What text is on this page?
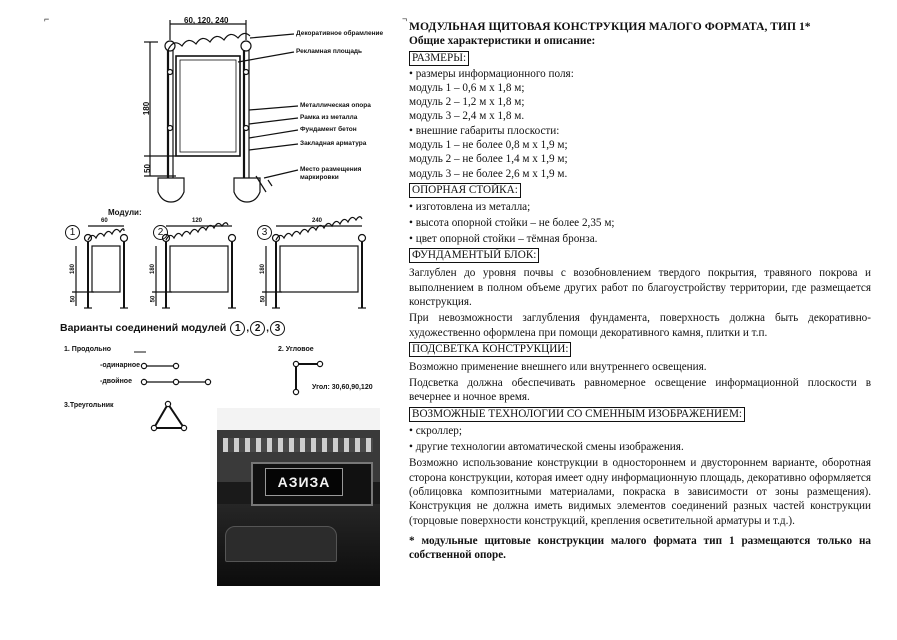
⌐	¬
60, 120, 240
180
50
Декоративное обрамление
Рекламная площадь
Металлическая опора
Рамка из металла
Фундамент бетон
Закладная арматура
Место размещения маркировки
Модули:
1	2	3
60	120	240
180	180	180
50	50	50
Варианты соединений модулей 1 , 2 , 3
1. Продольно
-одинарное
-двойное
2. Угловое
Угол: 30,60,90,120
3.Треугольник
АЗИЗА

МОДУЛЬНАЯ ЩИТОВАЯ КОНСТРУКЦИЯ МАЛОГО ФОРМАТА, ТИП 1*

Общие характеристики и описание:

РАЗМЕРЫ:

• размеры информационного поля:

модуль 1 – 0,6 м х 1,8 м;

модуль 2 – 1,2 м х 1,8 м;

модуль 3 – 2,4 м х 1,8 м.

• внешние габариты плоскости:

модуль 1 – не более 0,8 м х 1,9 м;

модуль 2 – не более 1,4 м х 1,9 м;

модуль 3 – не более 2,6 м х 1,9 м.

ОПОРНАЯ СТОЙКА:

• изготовлена из металла;

• высота опорной стойки – не более 2,35 м;

• цвет опорной стойки – тёмная бронза.

ФУНДАМЕНТЫЙ БЛОК:

Заглублен до уровня почвы с возобновлением твердого покрытия, травяного покрова и выполнением в полном объеме других работ по благоустройству территории, где размещается конструкция.

При невозможности заглубления фундамента, поверхность должна быть декоративно-художественно оформлена при помощи декоративного камня, плитки и т.п.

ПОДСВЕТКА КОНСТРУКЦИИ:

Возможно применение внешнего или внутреннего освещения.

Подсветка должна обеспечивать равномерное освещение информационной плоскости в вечернее и ночное время.

ВОЗМОЖНЫЕ ТЕХНОЛОГИИ СО СМЕННЫМ ИЗОБРАЖЕНИЕМ:

• скроллер;

• другие технологии автоматической смены изображения.

Возможно использование конструкции в одностороннем и двустороннем варианте, оборотная сторона конструкции, которая имеет одну информационную площадь, декоративно оформляется (облицовка композитными материалами, покраска в зависимости от зоны размещения). Конструкция не должна иметь видимых элементов соединений разных частей конструкции (торцовые поверхности конструкций, крепления осветительной арматуры и т.д.).

* модульные щитовые конструкции малого формата тип 1 размещаются только на собственной опоре.
